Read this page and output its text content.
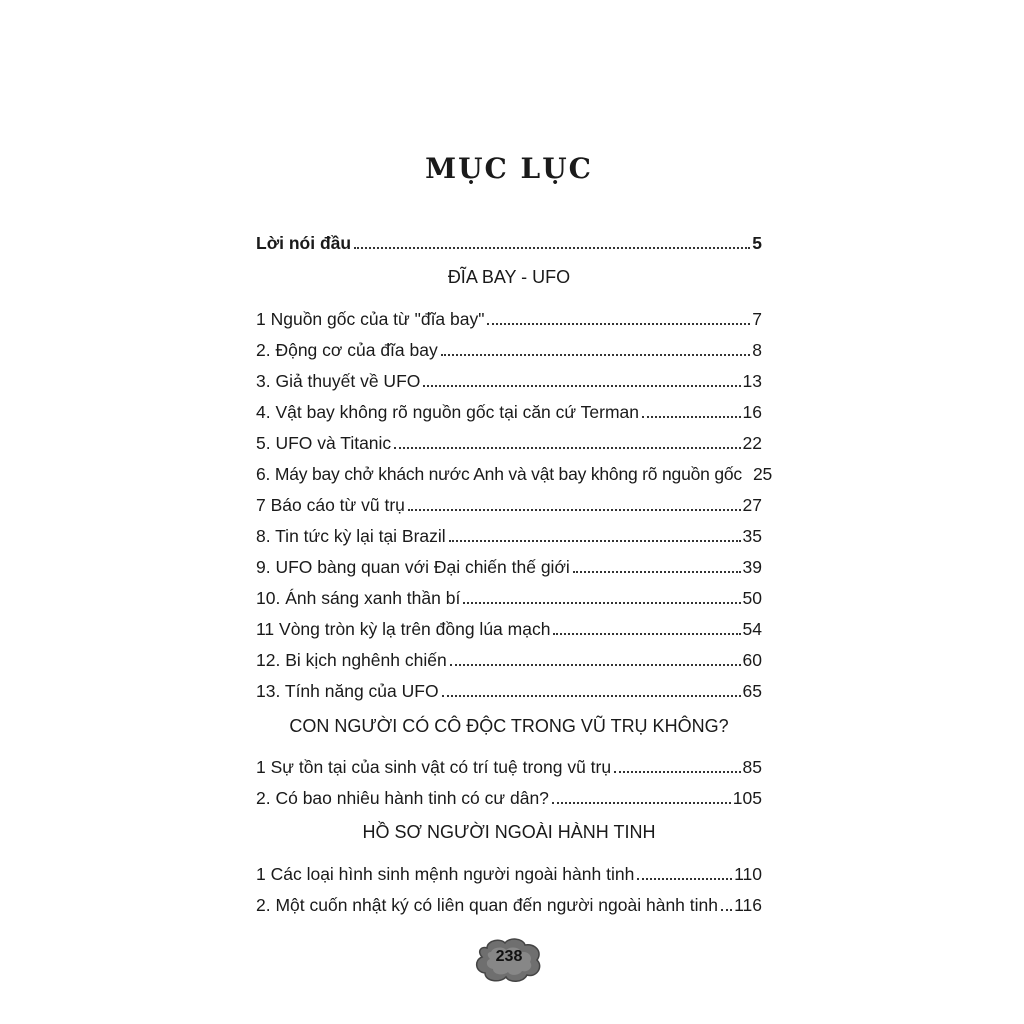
MỤC LỤC
Lời nói đầu	5
ĐĨA BAY - UFO
1 Nguồn gốc của từ "đĩa bay"	7
2. Động cơ của đĩa bay	8
3. Giả thuyết về UFO	13
4. Vật bay không rõ nguồn gốc tại căn cứ Terman	16
5. UFO và Titanic	22
6. Máy bay chở khách nước Anh và vật bay không rõ nguồn gốc 25
7 Báo cáo từ vũ trụ	27
8. Tin tức kỳ lại tại Brazil	35
9. UFO bàng quan với Đại chiến thế giới	39
10. Ánh sáng xanh thần bí	50
11 Vòng tròn kỳ lạ trên đồng lúa mạch	54
12. Bi kịch nghênh chiến	60
13. Tính năng của UFO	65
CON NGƯỜI CÓ CÔ ĐỘC TRONG VŨ TRỤ KHÔNG?
1 Sự tồn tại của sinh vật có trí tuệ trong vũ trụ	85
2. Có bao nhiêu hành tinh có cư dân?	105
HỒ SƠ NGƯỜI NGOÀI HÀNH TINH
1 Các loại hình sinh mệnh người ngoài hành tinh	110
2. Một cuốn nhật ký có liên quan đến người ngoài hành tinh 116
238
